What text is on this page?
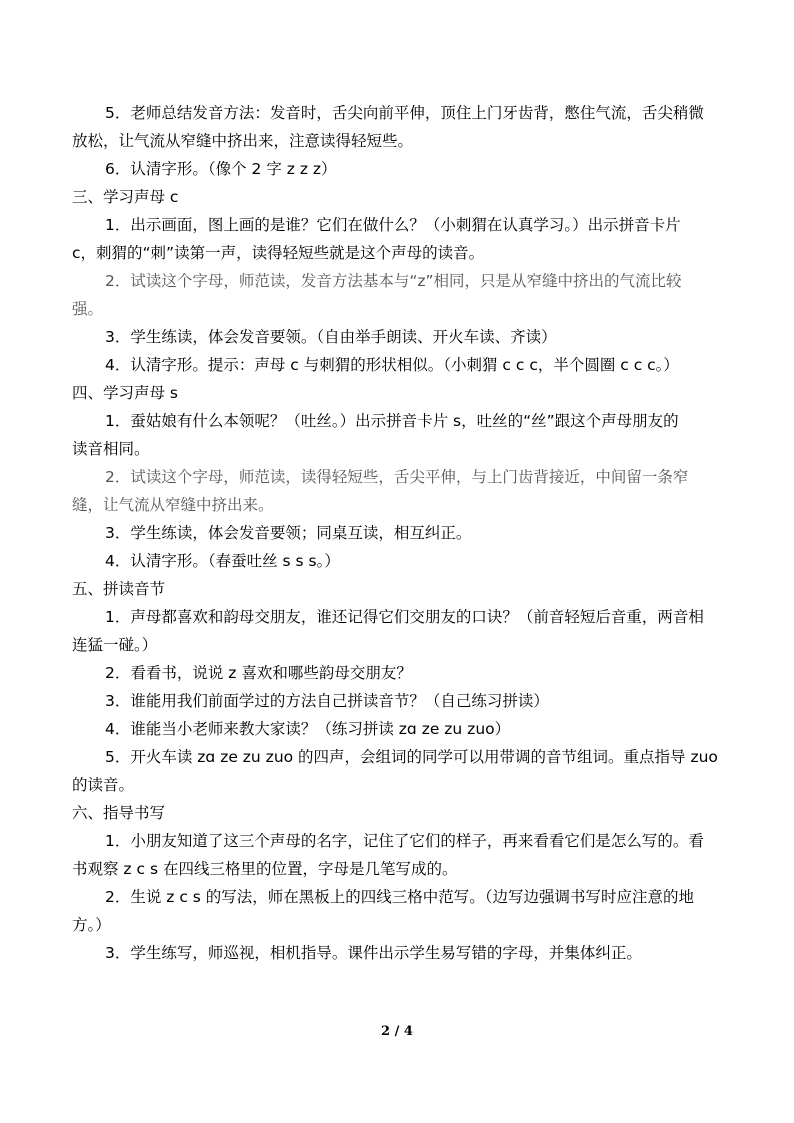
5．老师总结发音方法：发音时，舌尖向前平伸，顶住上门牙齿背，憋住气流，舌尖稍微
放松，让气流从窄缝中挤出来，注意读得轻短些。
6．认清字形。（像个 2 字 z z z）
三、学习声母 c
1．出示画面，图上画的是谁？它们在做什么？（小刺猬在认真学习。）出示拼音卡片
c，刺猬的“刺”读第一声，读得轻短些就是这个声母的读音。
2．试读这个字母，师范读，发音方法基本与“z”相同，只是从窄缝中挤出的气流比较
强。
3．学生练读，体会发音要领。（自由举手朗读、开火车读、齐读）
4．认清字形。提示：声母 c 与刺猬的形状相似。（小刺猬 c c c，半个圆圈 c c c。）
四、学习声母 s
1．蚕姑娘有什么本领呢？（吐丝。）出示拼音卡片 s，吐丝的“丝”跟这个声母朋友的
读音相同。
2．试读这个字母，师范读，读得轻短些，舌尖平伸，与上门齿背接近，中间留一条窄
缝，让气流从窄缝中挤出来。
3．学生练读，体会发音要领；同桌互读，相互纠正。
4．认清字形。（春蚕吐丝 s s s。）
五、拼读音节
1．声母都喜欢和韵母交朋友，谁还记得它们交朋友的口诀？（前音轻短后音重，两音相
连猛一碰。）
2．看看书，说说 z 喜欢和哪些韵母交朋友？
3．谁能用我们前面学过的方法自己拼读音节？（自己练习拼读）
4．谁能当小老师来教大家读？（练习拼读 zɑ ze zu zuo）
5．开火车读 zɑ ze zu zuo 的四声，会组词的同学可以用带调的音节组词。重点指导 zuo
的读音。
六、指导书写
1．小朋友知道了这三个声母的名字，记住了它们的样子，再来看看它们是怎么写的。看
书观察 z c s 在四线三格里的位置，字母是几笔写成的。
2．生说 z c s 的写法，师在黑板上的四线三格中范写。（边写边强调书写时应注意的地
方。）
3．学生练写，师巡视，相机指导。课件出示学生易写错的字母，并集体纠正。
2 / 4
